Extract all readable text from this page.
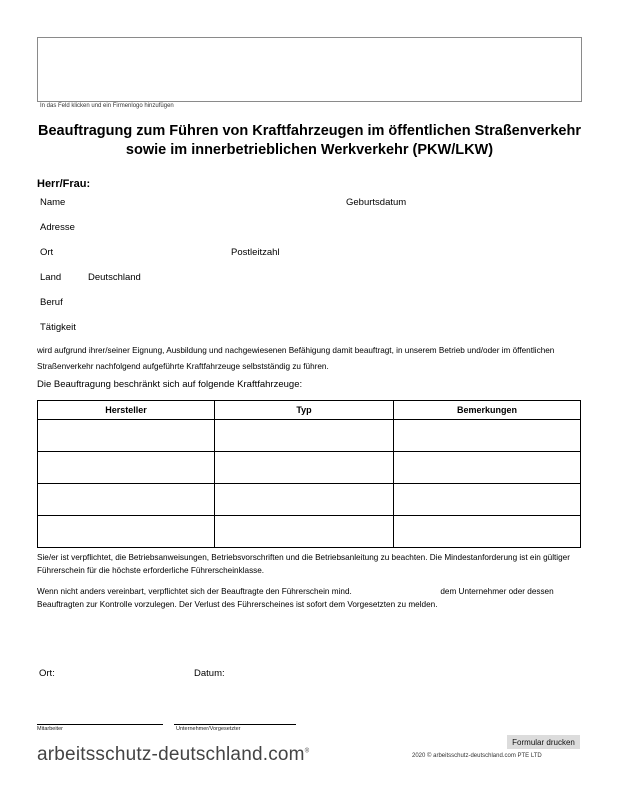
In das Feld klicken und ein Firmenlogo hinzufügen
Beauftragung zum Führen von Kraftfahrzeugen im öffentlichen Straßenverkehr
sowie im innerbetrieblichen Werkverkehr (PKW/LKW)
Herr/Frau:
Name	Geburtsdatum
Adresse
Ort	Postleitzahl
Land	Deutschland
Beruf
Tätigkeit
wird aufgrund ihrer/seiner Eignung, Ausbildung und nachgewiesenen Befähigung damit beauftragt, in unserem Betrieb und/oder im öffentlichen Straßenverkehr nachfolgend aufgeführte Kraftfahrzeuge selbstständig zu führen.
Die Beauftragung beschränkt sich auf folgende Kraftfahrzeuge:
Hersteller	Typ	Bemerkungen

Sie/er ist verpflichtet, die Betriebsanweisungen, Betriebsvorschriften und die Betriebsanleitung zu beachten. Die Mindestanforderung ist ein gültiger Führerschein für die höchste erforderliche Führerscheinklasse.
Wenn nicht anders vereinbart, verpflichtet sich der Beauftragte den Führerschein mind.	dem Unternehmer oder dessen Beauftragten zur Kontrolle vorzulegen. Der Verlust des Führerscheines ist sofort dem Vorgesetzten zu melden.
Ort:	Datum:
Mitarbeiter	Unternehmer/Vorgesetzter
arbeitsschutz-deutschland.com®
Formular drucken
2020 © arbeitsschutz-deutschland.com PTE LTD
